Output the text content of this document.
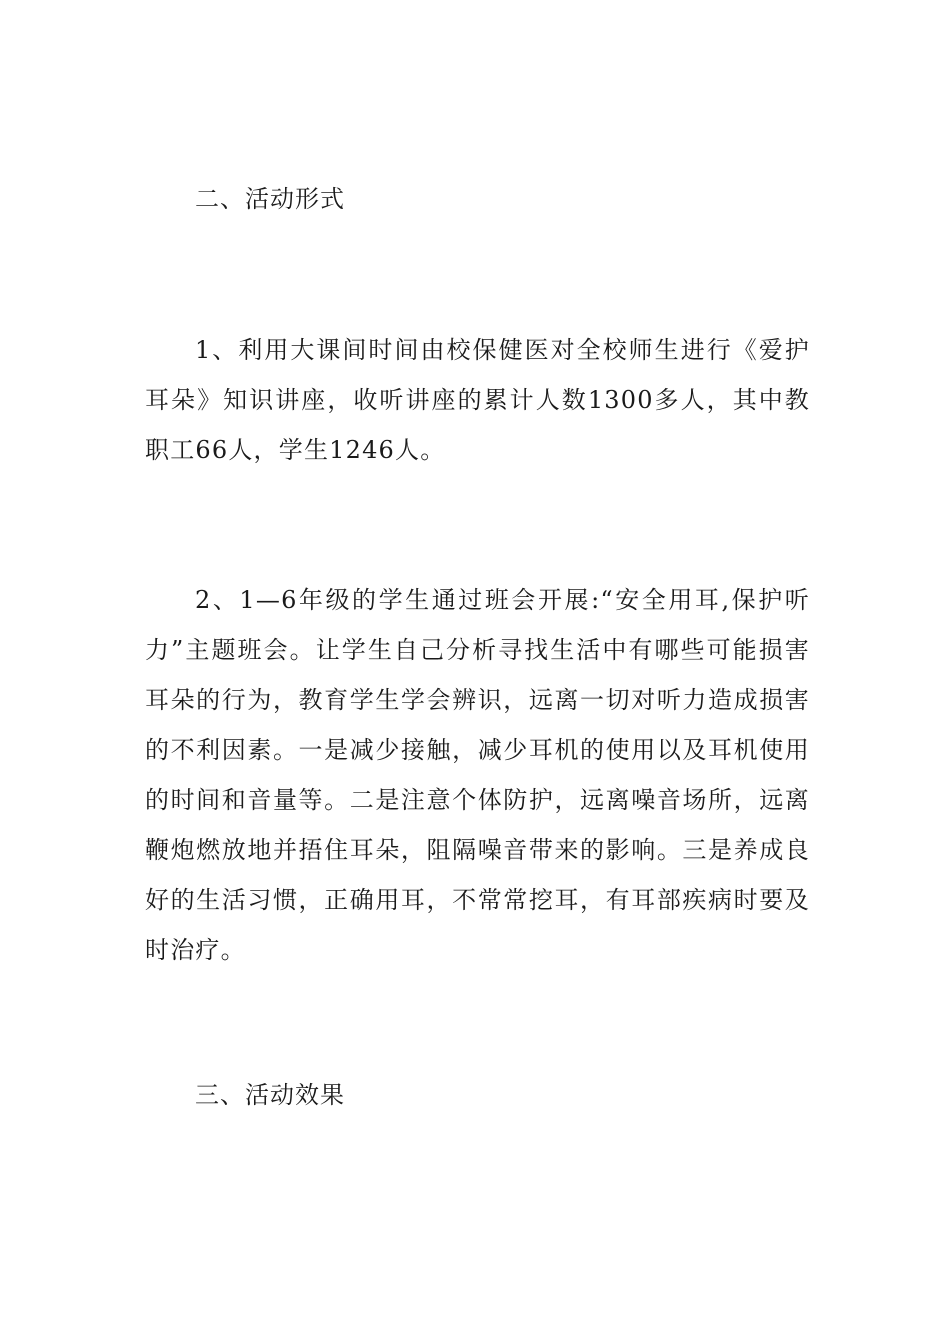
二、活动形式
1、利用大课间时间由校保健医对全校师生进行《爱护耳朵》知识讲座，收听讲座的累计人数1300多人，其中教职工66人，学生1246人。
2、1—6年级的学生通过班会开展:“安全用耳,保护听力”主题班会。让学生自己分析寻找生活中有哪些可能损害耳朵的行为，教育学生学会辨识，远离一切对听力造成损害的不利因素。一是减少接触，减少耳机的使用以及耳机使用的时间和音量等。二是注意个体防护，远离噪音场所，远离鞭炮燃放地并捂住耳朵，阻隔噪音带来的影响。三是养成良好的生活习惯，正确用耳，不常常挖耳，有耳部疾病时要及时治疗。
三、活动效果
